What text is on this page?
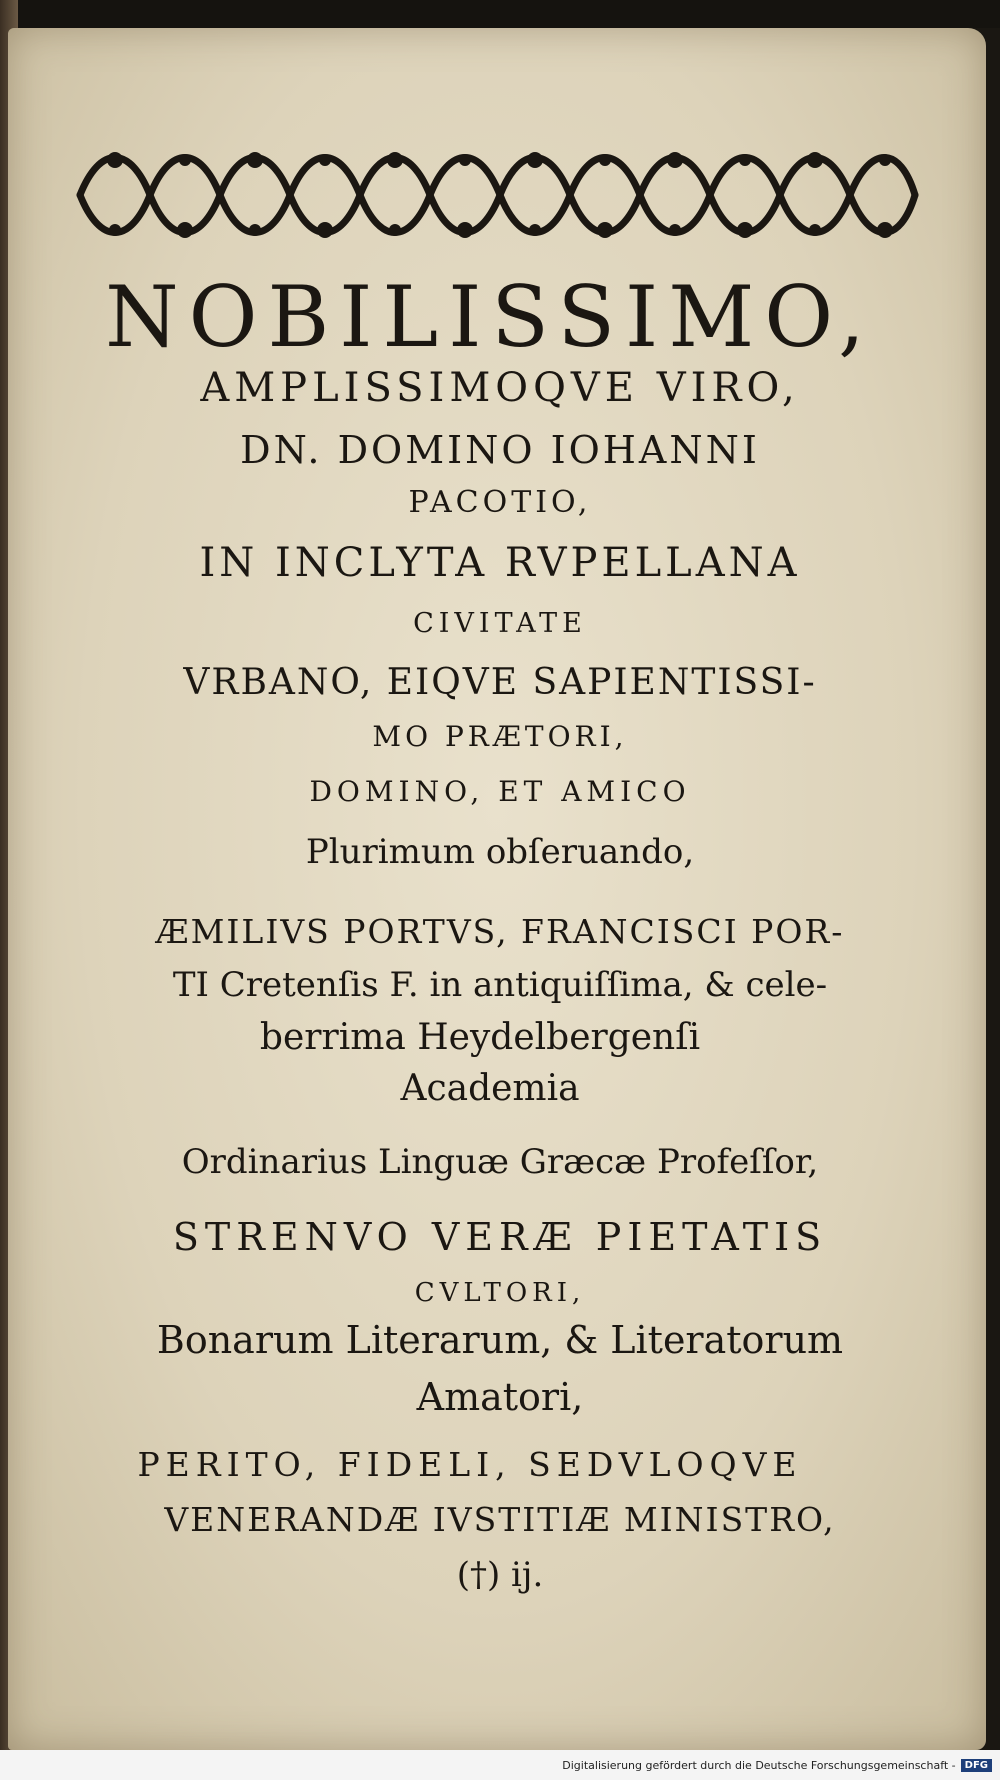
NOBILISSIMO,
AMPLISSIMOQVE VIRO,
DN. DOMINO IOHANNI
PACOTIO,
IN INCLYTA RVPELLANA
CIVITATE
VRBANO, EIQVE SAPIENTISSI-
MO PRÆTORI,
DOMINO, ET AMICO
Plurimum obſeruando,
ÆMILIVS PORTVS, FRANCISCI POR-
TI Cretenſis F. in antiquiſſima, & cele-
berrima Heydelbergenſi
Academia
Ordinarius Linguæ Græcæ Profeſſor,
STRENVO VERÆ PIETATIS
CVLTORI,
Bonarum Literarum, & Literatorum
Amatori,
PERITO, FIDELI, SEDVLOQVE
VENERANDÆ IVSTITIÆ MINISTRO,
(†) ij.
Digitalisierung gefördert durch die Deutsche Forschungsgemeinschaft - DFG
